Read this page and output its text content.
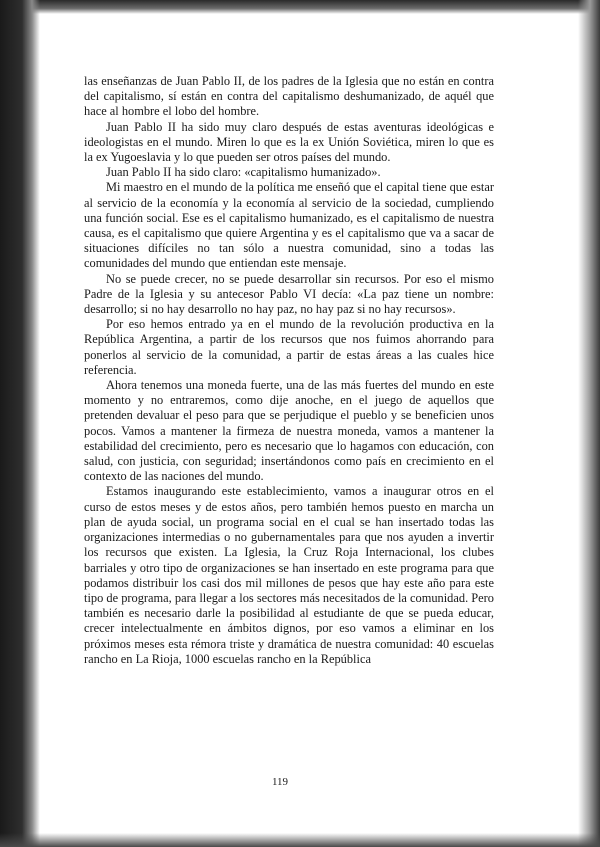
las enseñanzas de Juan Pablo II, de los padres de la Iglesia que no están en contra del capitalismo, sí están en contra del capitalismo deshumanizado, de aquél que hace al hombre el lobo del hombre.

Juan Pablo II ha sido muy claro después de estas aventuras ideológicas e ideologistas en el mundo. Miren lo que es la ex Unión Soviética, miren lo que es la ex Yugoeslavia y lo que pueden ser otros países del mundo.

Juan Pablo II ha sido claro: «capitalismo humanizado».

Mi maestro en el mundo de la política me enseñó que el capital tiene que estar al servicio de la economía y la economía al servicio de la sociedad, cumpliendo una función social. Ese es el capitalismo humanizado, es el capitalismo de nuestra causa, es el capitalismo que quiere Argentina y es el capitalismo que va a sacar de situaciones difíciles no tan sólo a nuestra comunidad, sino a todas las comunidades del mundo que entiendan este mensaje.

No se puede crecer, no se puede desarrollar sin recursos. Por eso el mismo Padre de la Iglesia y su antecesor Pablo VI decía: «La paz tiene un nombre: desarrollo; si no hay desarrollo no hay paz, no hay paz si no hay recursos».

Por eso hemos entrado ya en el mundo de la revolución productiva en la República Argentina, a partir de los recursos que nos fuimos ahorrando para ponerlos al servicio de la comunidad, a partir de estas áreas a las cuales hice referencia.

Ahora tenemos una moneda fuerte, una de las más fuertes del mundo en este momento y no entraremos, como dije anoche, en el juego de aquellos que pretenden devaluar el peso para que se perjudique el pueblo y se beneficien unos pocos. Vamos a mantener la firmeza de nuestra moneda, vamos a mantener la estabilidad del crecimiento, pero es necesario que lo hagamos con educación, con salud, con justicia, con seguridad; insertándonos como país en crecimiento en el contexto de las naciones del mundo.

Estamos inaugurando este establecimiento, vamos a inaugurar otros en el curso de estos meses y de estos años, pero también hemos puesto en marcha un plan de ayuda social, un programa social en el cual se han insertado todas las organizaciones intermedias o no gubernamentales para que nos ayuden a invertir los recursos que existen. La Iglesia, la Cruz Roja Internacional, los clubes barriales y otro tipo de organizaciones se han insertado en este programa para que podamos distribuir los casi dos mil millones de pesos que hay este año para este tipo de programa, para llegar a los sectores más necesitados de la comunidad. Pero también es necesario darle la posibilidad al estudiante de que se pueda educar, crecer intelectualmente en ámbitos dignos, por eso vamos a eliminar en los próximos meses esta rémora triste y dramática de nuestra comunidad: 40 escuelas rancho en La Rioja, 1000 escuelas rancho en la República

119
